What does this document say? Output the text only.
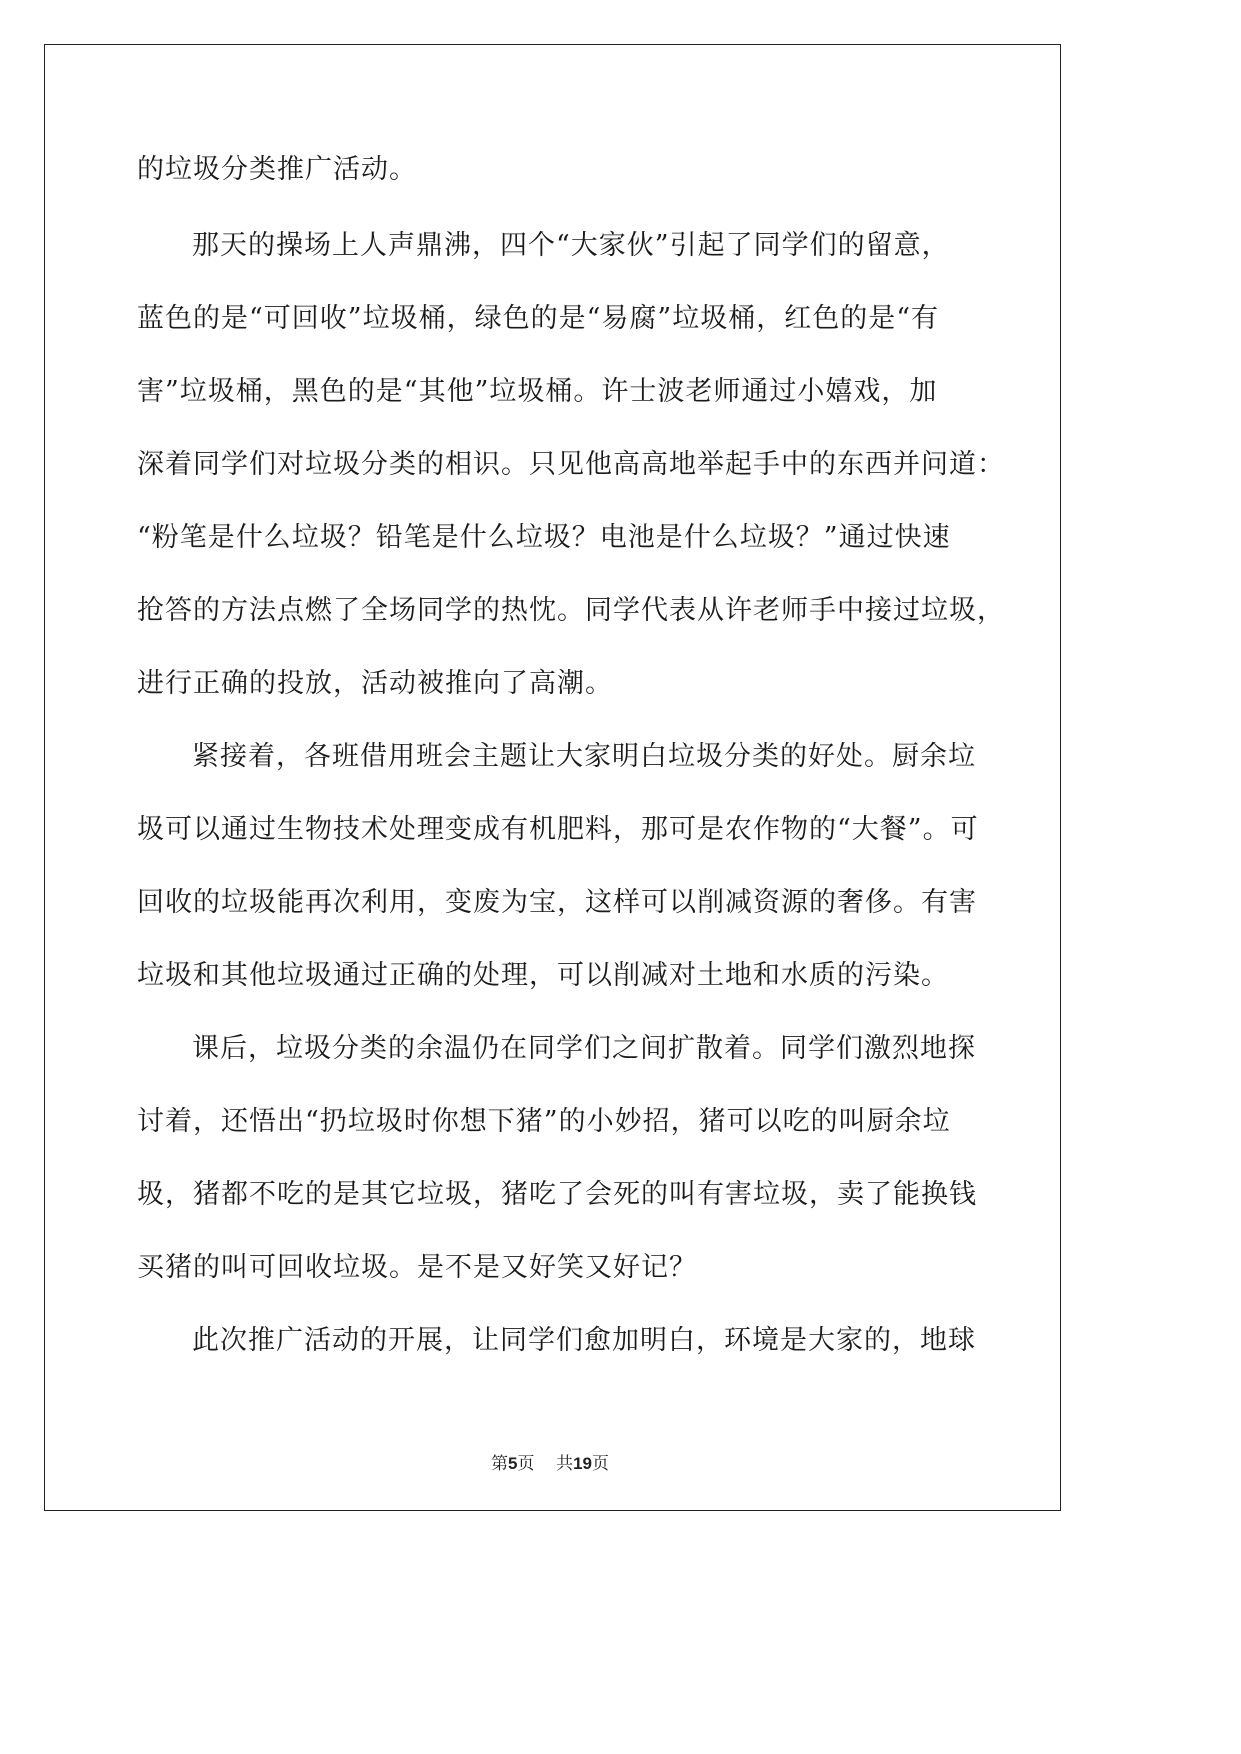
的垃圾分类推广活动。
那天的操场上人声鼎沸，四个“大家伙”引起了同学们的留意，
蓝色的是“可回收”垃圾桶，绿色的是“易腐”垃圾桶，红色的是“有
害”垃圾桶，黑色的是“其他”垃圾桶。许士波老师通过小嬉戏，加
深着同学们对垃圾分类的相识。只见他高高地举起手中的东西并问道：
“粉笔是什么垃圾？铅笔是什么垃圾？电池是什么垃圾？”通过快速
抢答的方法点燃了全场同学的热忱。同学代表从许老师手中接过垃圾，
进行正确的投放，活动被推向了高潮。
紧接着，各班借用班会主题让大家明白垃圾分类的好处。厨余垃
圾可以通过生物技术处理变成有机肥料，那可是农作物的“大餐”。可
回收的垃圾能再次利用，变废为宝，这样可以削减资源的奢侈。有害
垃圾和其他垃圾通过正确的处理，可以削减对土地和水质的污染。
课后，垃圾分类的余温仍在同学们之间扩散着。同学们激烈地探
讨着，还悟出“扔垃圾时你想下猪”的小妙招，猪可以吃的叫厨余垃
圾，猪都不吃的是其它垃圾，猪吃了会死的叫有害垃圾，卖了能换钱
买猪的叫可回收垃圾。是不是又好笑又好记？
此次推广活动的开展，让同学们愈加明白，环境是大家的，地球
第5页 共19页
